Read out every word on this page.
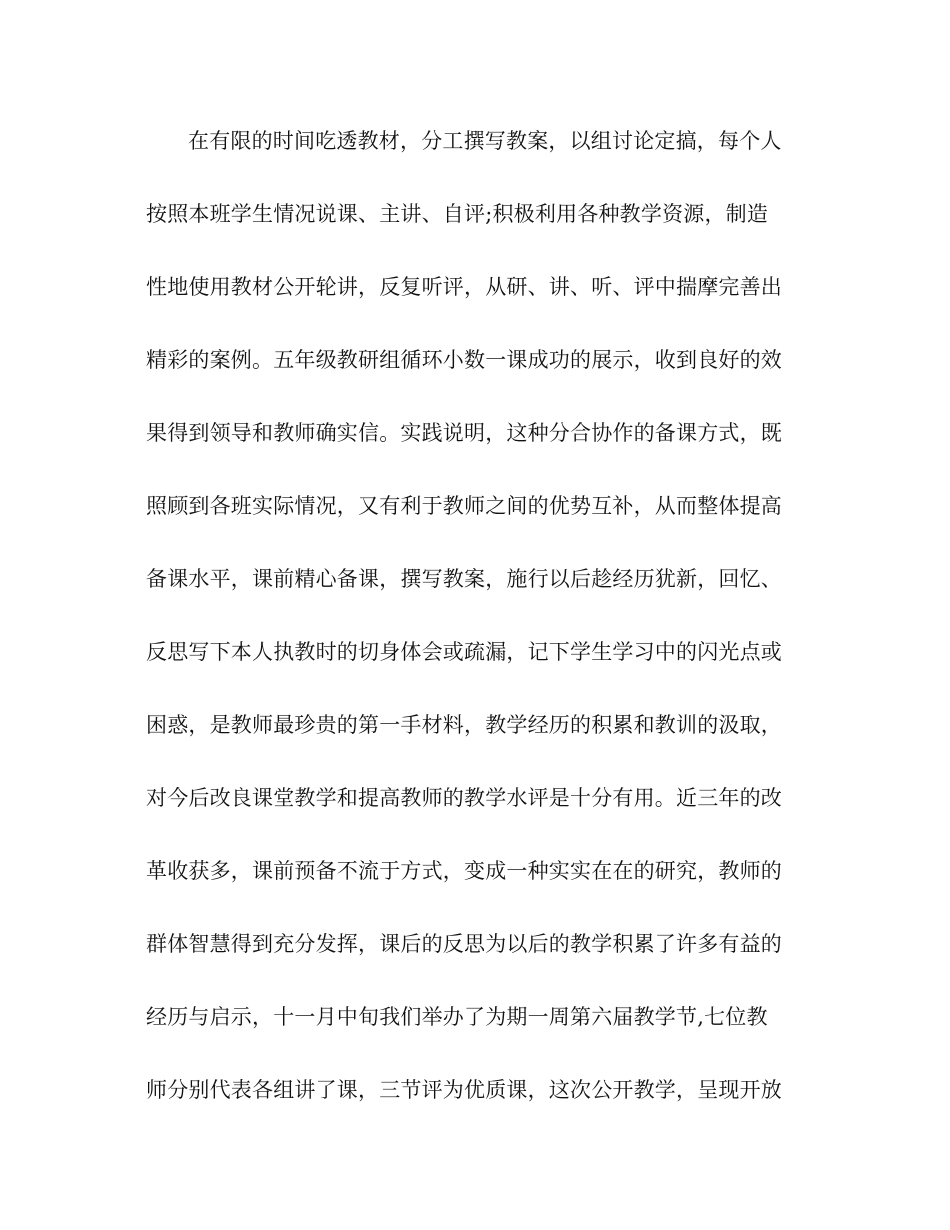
在有限的时间吃透教材，分工撰写教案，以组讨论定搞，每个人
按照本班学生情况说课、主讲、自评;积极利用各种教学资源，制造
性地使用教材公开轮讲，反复听评，从研、讲、听、评中揣摩完善出
精彩的案例。五年级教研组循环小数一课成功的展示，收到良好的效
果得到领导和教师确实信。实践说明，这种分合协作的备课方式，既
照顾到各班实际情况，又有利于教师之间的优势互补，从而整体提高
备课水平，课前精心备课，撰写教案，施行以后趁经历犹新，回忆、
反思写下本人执教时的切身体会或疏漏，记下学生学习中的闪光点或
困惑，是教师最珍贵的第一手材料，教学经历的积累和教训的汲取，
对今后改良课堂教学和提高教师的教学水评是十分有用。近三年的改
革收获多，课前预备不流于方式，变成一种实实在在的研究，教师的
群体智慧得到充分发挥，课后的反思为以后的教学积累了许多有益的
经历与启示，十一月中旬我们举办了为期一周第六届教学节,七位教
师分别代表各组讲了课，三节评为优质课，这次公开教学，呈现开放
